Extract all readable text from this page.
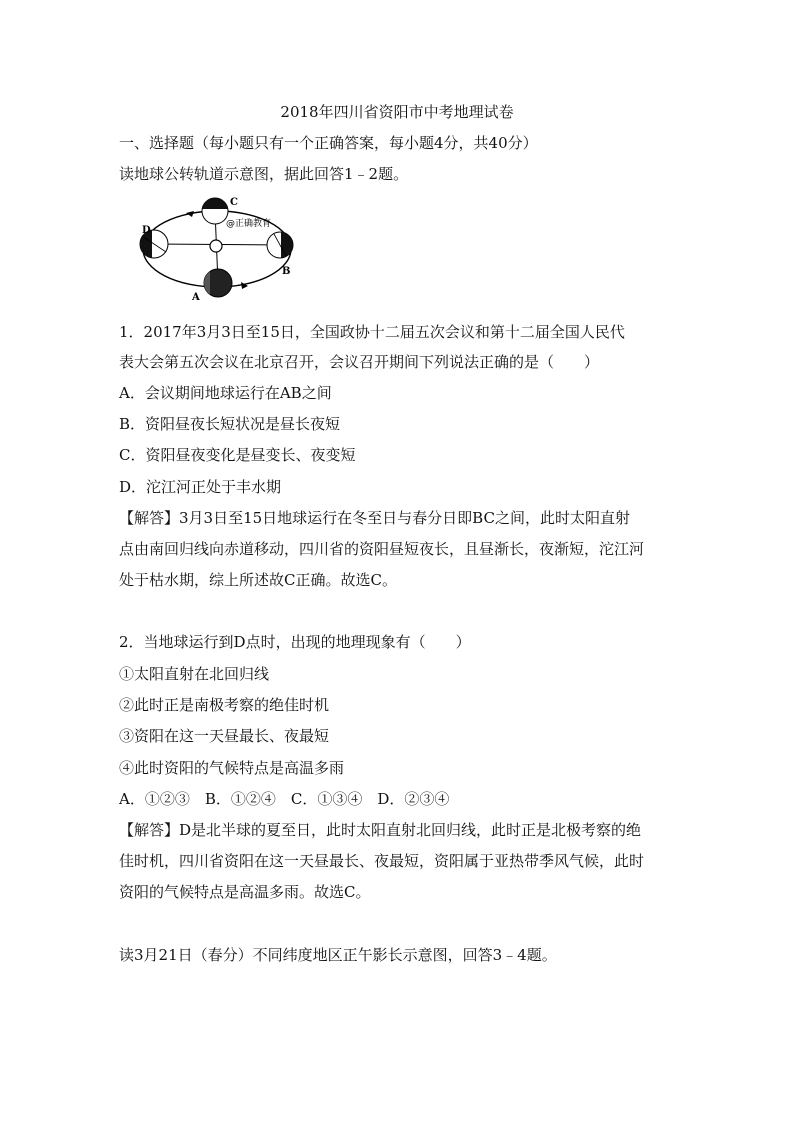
2018年四川省资阳市中考地理试卷
一、选择题（每小题只有一个正确答案，每小题4分，共40分）
读地球公转轨道示意图，据此回答1﹣2题。
D
C
B
A
@正确教育
1．2017年3月3日至15日，全国政协十二届五次会议和第十二届全国人民代
表大会第五次会议在北京召开，会议召开期间下列说法正确的是（　　）
A．会议期间地球运行在AB之间
B．资阳昼夜长短状况是昼长夜短
C．资阳昼夜变化是昼变长、夜变短
D．沱江河正处于丰水期
【解答】3月3日至15日地球运行在冬至日与春分日即BC之间，此时太阳直射
点由南回归线向赤道移动，四川省的资阳昼短夜长，且昼渐长，夜渐短，沱江河
处于枯水期，综上所述故C正确。故选C。
2．当地球运行到D点时，出现的地理现象有（　　）
①太阳直射在北回归线
②此时正是南极考察的绝佳时机
③资阳在这一天昼最长、夜最短
④此时资阳的气候特点是高温多雨
A．①②③　B．①②④　C．①③④　D．②③④
【解答】D是北半球的夏至日，此时太阳直射北回归线，此时正是北极考察的绝
佳时机，四川省资阳在这一天昼最长、夜最短，资阳属于亚热带季风气候，此时
资阳的气候特点是高温多雨。故选C。
读3月21日（春分）不同纬度地区正午影长示意图，回答3﹣4题。
